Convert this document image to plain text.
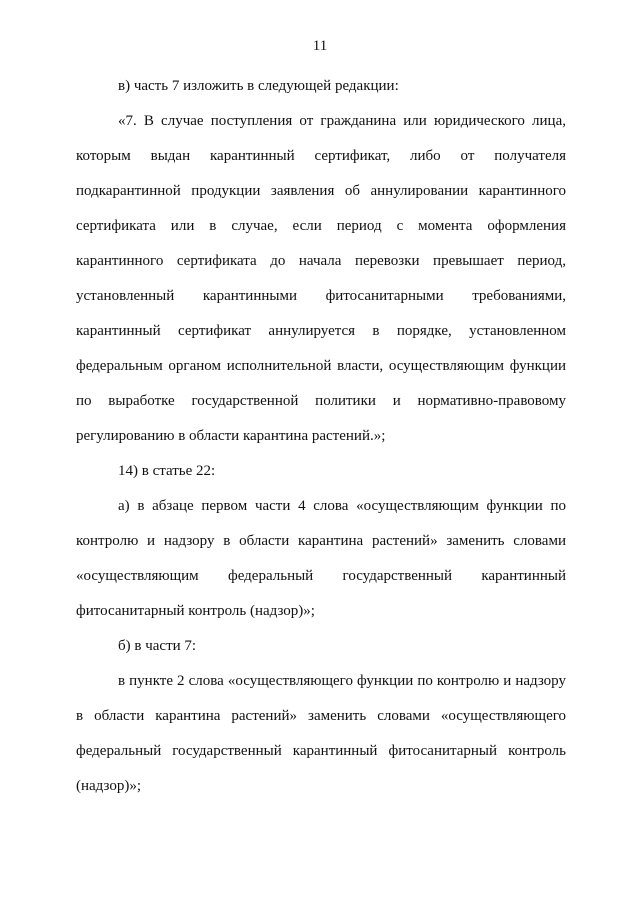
11
в) часть 7 изложить в следующей редакции:
«7. В случае поступления от гражданина или юридического лица,
которым выдан карантинный сертификат, либо от получателя
подкарантинной продукции заявления об аннулировании карантинного
сертификата или в случае, если период с момента оформления
карантинного сертификата до начала перевозки превышает период,
установленный карантинными фитосанитарными требованиями,
карантинный сертификат аннулируется в порядке, установленном
федеральным органом исполнительной власти, осуществляющим функции
по выработке государственной политики и нормативно-правовому
регулированию в области карантина растений.»;
14) в статье 22:
а) в абзаце первом части 4 слова «осуществляющим функции по
контролю и надзору в области карантина растений» заменить словами
«осуществляющим федеральный государственный карантинный
фитосанитарный контроль (надзор)»;
б) в части 7:
в пункте 2 слова «осуществляющего функции по контролю и надзору
в области карантина растений» заменить словами «осуществляющего
федеральный государственный карантинный фитосанитарный контроль
(надзор)»;
